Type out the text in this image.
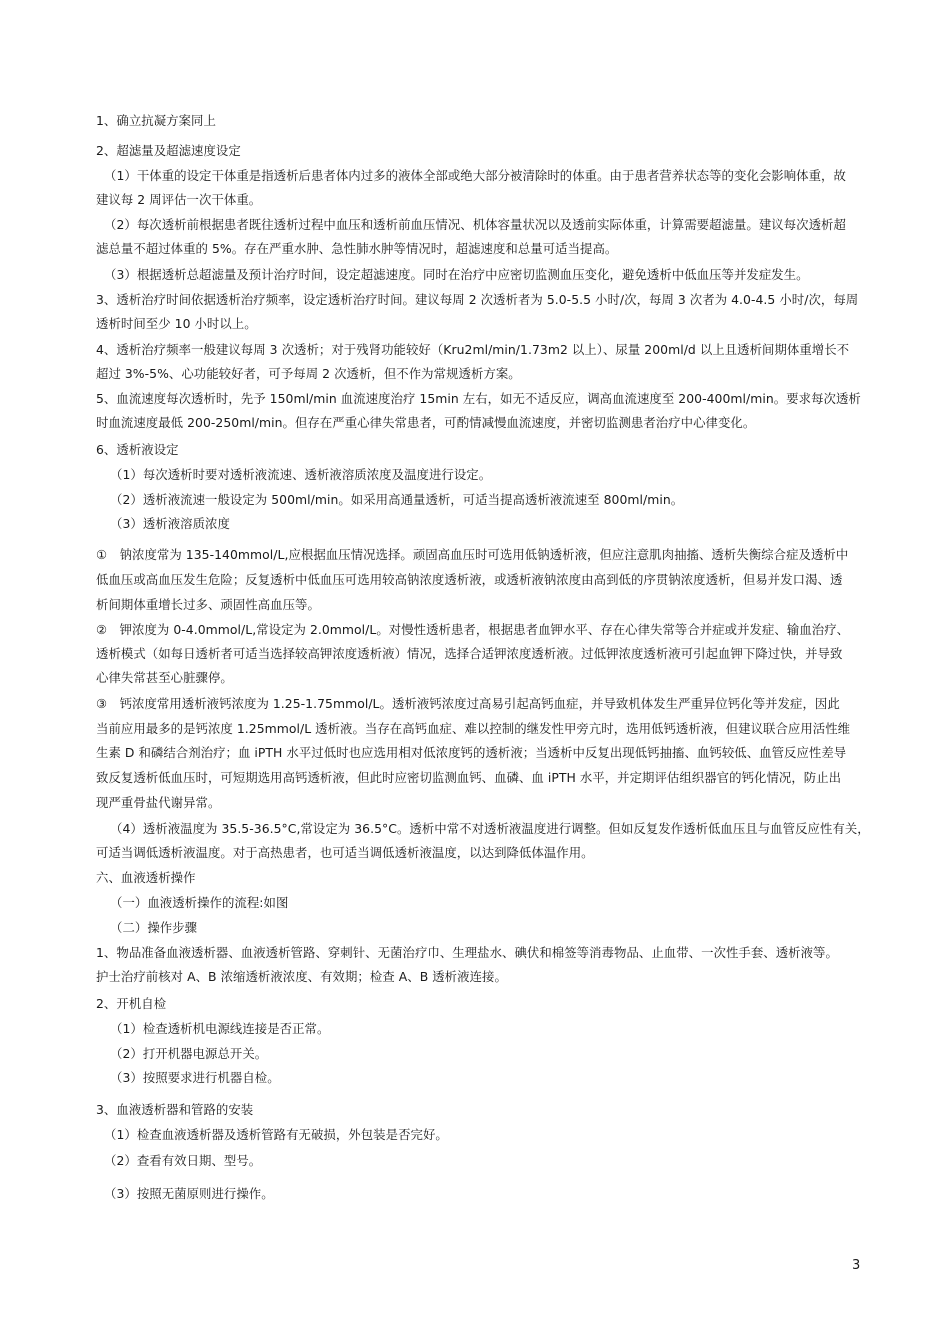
1、确立抗凝方案同上
2、超滤量及超滤速度设定
（1）干体重的设定干体重是指透析后患者体内过多的液体全部或绝大部分被清除时的体重。由于患者营养状态等的变化会影响体重，故
建议每 2 周评估一次干体重。
（2）每次透析前根据患者既往透析过程中血压和透析前血压情况、机体容量状况以及透前实际体重，计算需要超滤量。建议每次透析超
滤总量不超过体重的 5%。存在严重水肿、急性肺水肿等情况时，超滤速度和总量可适当提高。
（3）根据透析总超滤量及预计治疗时间，设定超滤速度。同时在治疗中应密切监测血压变化，避免透析中低血压等并发症发生。
3、透析治疗时间依据透析治疗频率，设定透析治疗时间。建议每周 2 次透析者为 5.0-5.5 小时/次，每周 3 次者为 4.0-4.5 小时/次，每周
透析时间至少 10 小时以上。
4、透析治疗频率一般建议每周 3 次透析；对于残肾功能较好（Kru2ml/min/1.73m2 以上）、尿量 200ml/d 以上且透析间期体重增长不
超过 3%-5%、心功能较好者，可予每周 2 次透析，但不作为常规透析方案。
5、血流速度每次透析时，先予 150ml/min 血流速度治疗 15min 左右，如无不适反应，调高血流速度至 200-400ml/min。要求每次透析
时血流速度最低 200-250ml/min。但存在严重心律失常患者，可酌情减慢血流速度，并密切监测患者治疗中心律变化。
6、透析液设定
（1）每次透析时要对透析液流速、透析液溶质浓度及温度进行设定。
（2）透析液流速一般设定为 500ml/min。如采用高通量透析，可适当提高透析液流速至 800ml/min。
（3）透析液溶质浓度
①　钠浓度常为 135-140mmol/L,应根据血压情况选择。顽固高血压时可选用低钠透析液，但应注意肌肉抽搐、透析失衡综合症及透析中
低血压或高血压发生危险；反复透析中低血压可选用较高钠浓度透析液，或透析液钠浓度由高到低的序贯钠浓度透析，但易并发口渴、透
析间期体重增长过多、顽固性高血压等。
②　钾浓度为 0-4.0mmol/L,常设定为 2.0mmol/L。对慢性透析患者，根据患者血钾水平、存在心律失常等合并症或并发症、输血治疗、
透析模式（如每日透析者可适当选择较高钾浓度透析液）情况，选择合适钾浓度透析液。过低钾浓度透析液可引起血钾下降过快，并导致
心律失常甚至心脏骤停。
③　钙浓度常用透析液钙浓度为 1.25-1.75mmol/L。透析液钙浓度过高易引起高钙血症，并导致机体发生严重异位钙化等并发症，因此
当前应用最多的是钙浓度 1.25mmol/L 透析液。当存在高钙血症、难以控制的继发性甲旁亢时，选用低钙透析液，但建议联合应用活性维
生素 D 和磷结合剂治疗；血 iPTH 水平过低时也应选用相对低浓度钙的透析液；当透析中反复出现低钙抽搐、血钙较低、血管反应性差导
致反复透析低血压时，可短期选用高钙透析液，但此时应密切监测血钙、血磷、血 iPTH 水平，并定期评估组织器官的钙化情况，防止出
现严重骨盐代谢异常。
（4）透析液温度为 35.5-36.5°C,常设定为 36.5°C。透析中常不对透析液温度进行调整。但如反复发作透析低血压且与血管反应性有关，
可适当调低透析液温度。对于高热患者，也可适当调低透析液温度，以达到降低体温作用。
六、血液透析操作
（一）血液透析操作的流程:如图
（二）操作步骤
1、物品准备血液透析器、血液透析管路、穿刺针、无菌治疗巾、生理盐水、碘伏和棉签等消毒物品、止血带、一次性手套、透析液等。
护士治疗前核对 A、B 浓缩透析液浓度、有效期；检查 A、B 透析液连接。
2、开机自检
（1）检查透析机电源线连接是否正常。
（2）打开机器电源总开关。
（3）按照要求进行机器自检。
3、血液透析器和管路的安装
（1）检查血液透析器及透析管路有无破损，外包装是否完好。
（2）查看有效日期、型号。
（3）按照无菌原则进行操作。
3
